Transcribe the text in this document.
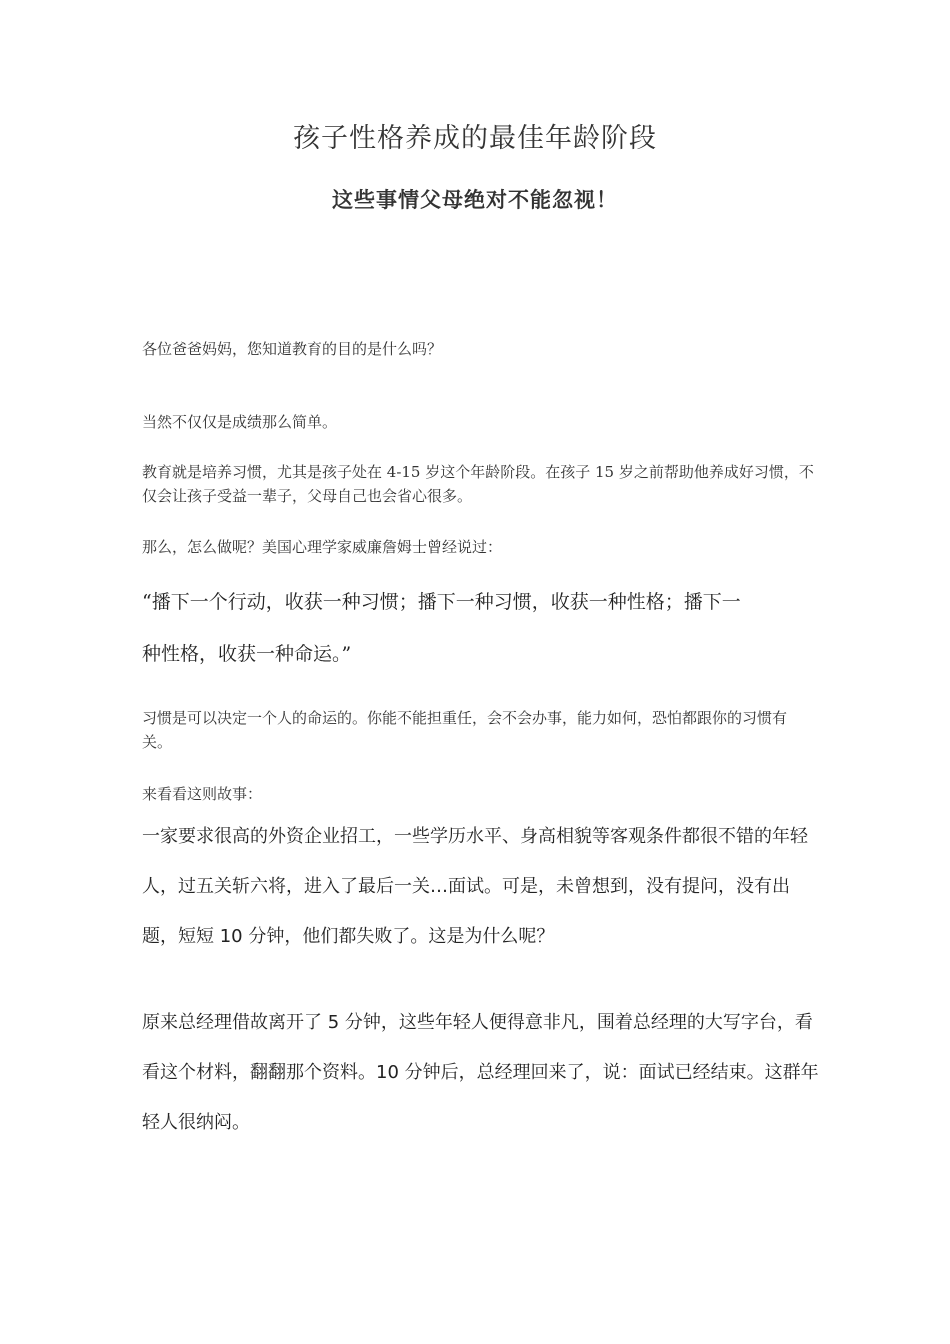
孩子性格养成的最佳年龄阶段
这些事情父母绝对不能忽视！

各位爸爸妈妈，您知道教育的目的是什么吗？

当然不仅仅是成绩那么简单。

教育就是培养习惯，尤其是孩子处在 4-15 岁这个年龄阶段。在孩子 15 岁之前帮助他养成好习惯，不仅会让孩子受益一辈子，父母自己也会省心很多。

那么，怎么做呢？美国心理学家威廉詹姆士曾经说过：

“播下一个行动，收获一种习惯；播下一种习惯，收获一种性格；播下一种性格，收获一种命运。”

习惯是可以决定一个人的命运的。你能不能担重任，会不会办事，能力如何，恐怕都跟你的习惯有关。

来看看这则故事：

一家要求很高的外资企业招工，一些学历水平、身高相貌等客观条件都很不错的年轻人，过五关斩六将，进入了最后一关…面试。可是，未曾想到，没有提问，没有出题，短短 10 分钟，他们都失败了。这是为什么呢？

原来总经理借故离开了 5 分钟，这些年轻人便得意非凡，围着总经理的大写字台，看看这个材料，翻翻那个资料。10 分钟后，总经理回来了，说：面试已经结束。这群年轻人很纳闷。
